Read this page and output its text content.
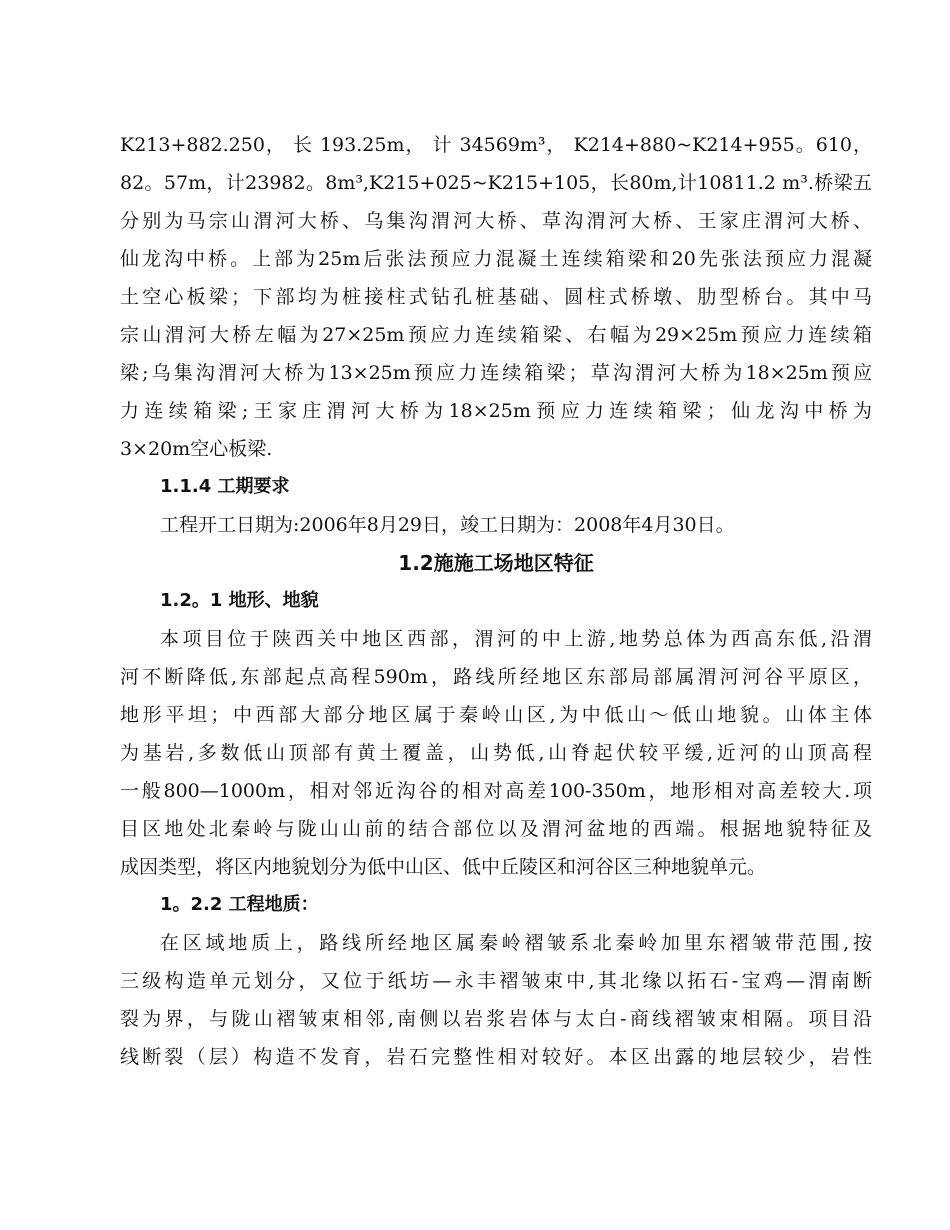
K213+882.250， 长 193.25m， 计 34569m³， K214+880~K214+955。610，
82。57m，计23982。8m³,K215+025~K215+105，长80m,计10811.2 m³.桥梁五
分别为马宗山渭河大桥、乌集沟渭河大桥、草沟渭河大桥、王家庄渭河大桥、
仙龙沟中桥。上部为25m后张法预应力混凝土连续箱梁和20先张法预应力混凝
土空心板梁；下部均为桩接柱式钻孔桩基础、圆柱式桥墩、肋型桥台。其中马
宗山渭河大桥左幅为27×25m预应力连续箱梁、右幅为29×25m预应力连续箱
梁;乌集沟渭河大桥为13×25m预应力连续箱梁；草沟渭河大桥为18×25m预应
力连续箱梁;王家庄渭河大桥为18×25m预应力连续箱梁；仙龙沟中桥为
3×20m空心板梁.
1.1.4 工期要求
工程开工日期为:2006年8月29日，竣工日期为：2008年4月30日。
1.2施施工场地区特征
1.2。1 地形、地貌
本项目位于陕西关中地区西部，渭河的中上游,地势总体为西高东低,沿渭
河不断降低,东部起点高程590m，路线所经地区东部局部属渭河河谷平原区，
地形平坦；中西部大部分地区属于秦岭山区,为中低山～低山地貌。山体主体
为基岩,多数低山顶部有黄土覆盖，山势低,山脊起伏较平缓,近河的山顶高程
一般800—1000m，相对邻近沟谷的相对高差100-350m，地形相对高差较大.项
目区地处北秦岭与陇山山前的结合部位以及渭河盆地的西端。根据地貌特征及
成因类型，将区内地貌划分为低中山区、低中丘陵区和河谷区三种地貌单元。
1。2.2 工程地质：
在区域地质上，路线所经地区属秦岭褶皱系北秦岭加里东褶皱带范围,按
三级构造单元划分，又位于纸坊—永丰褶皱束中,其北缘以拓石-宝鸡—渭南断
裂为界，与陇山褶皱束相邻,南侧以岩浆岩体与太白-商线褶皱束相隔。项目沿
线断裂（层）构造不发育，岩石完整性相对较好。本区出露的地层较少，岩性
